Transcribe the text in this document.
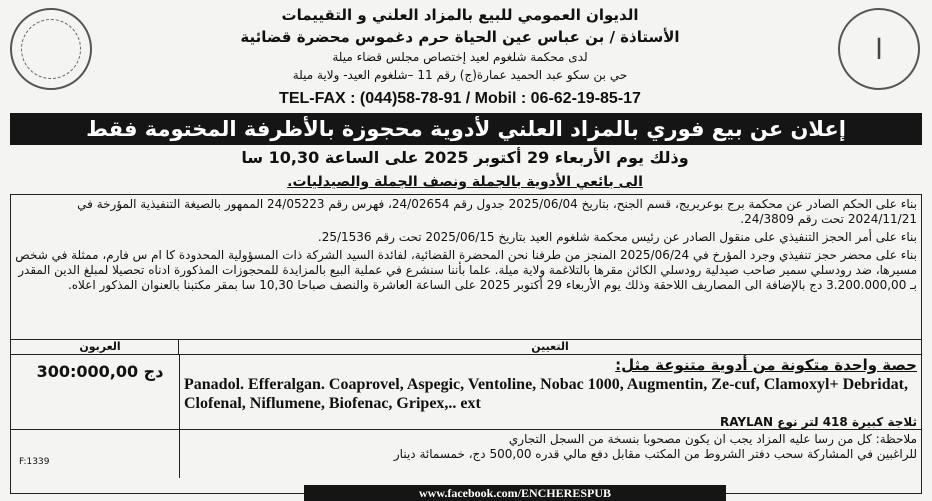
ا
الديوان العمومي للبيع بالمزاد العلني و التقييمات
الأستاذة / بن عباس عين الحياة حرم دغموس محضرة قضائية
لدى محكمة شلغوم لعيد إختصاص مجلس قضاء ميلة
حي بن سكو عبد الحميد عمارة(ج) رقم 11 –شلغوم العيد- ولاية ميلة
TEL-FAX : (044)58-78-91 / Mobil : 06-62-19-85-17
إعلان عن بيع فوري بالمزاد العلني لأدوية محجوزة بالأظرفة المختومة فقط
وذلك يوم الأربعاء 29 أكتوبر 2025 على الساعة 10,30 سا
الى بائعي الأدوية بالجملة ونصف الجملة والصيدليات.

بناء على الحكم الصادر عن محكمة برج بوعريريج، قسم الجنح، بتاريخ 2025/06/04 جدول رقم 24/02654، فهرس رقم 24/05223 الممهور بالصيغة التنفيذية المؤرخة في 2024/11/21 تحت رقم 24/3809.

بناء على أمر الحجز التنفيذي على منقول الصادر عن رئيس محكمة شلغوم العيد بتاريخ 2025/06/15 تحت رقم 25/1536.

بناء على محضر حجز تنفيذي وجرد المؤرخ في 2025/06/24 المنجز من طرفنا نحن المحضرة القضائية، لفائدة السيد الشركة ذات المسؤولية المحدودة كا ام س فارم، ممثلة في شخص مسيرها، ضد رودسلي سمير صاحب صيدلية رودسلي الكائن مقرها بالتلاغمة ولاية ميلة. علما بأننا سنشرع في عملية البيع بالمزايدة للمحجوزات المذكورة ادناه تحصيلا لمبلغ الدين المقدر بـ 3.200.000,00 دج بالإضافة الى المصاريف اللاحقة وذلك يوم الأربعاء 29 أكتوبر 2025 على الساعة العاشرة والنصف صباحا 10,30 سا بمقر مكتبنا بالعنوان المذكور اعلاه.

التعيين
العربون
300:000,00 دج	حصة واحدة متكونة من أدوية متنوعة مثل:
Panadol. Efferalgan. Coaprovel, Aspegic, Ventoline, Nobac 1000, Augmentin, Ze-cuf, Clamoxyl+ Debridat, Clofenal, Niflumene, Biofenac, Gripex,.. ext
ثلاجة كبيرة 418 لتر نوع RAYLAN
ملاحظة: كل من رسا عليه المزاد يجب ان يكون مصحوبا بنسخة من السجل التجاري
للراغبين في المشاركة سحب دفتر الشروط من المكتب مقابل دفع مالي قدره 500,00 دج، خمسمائة دينار
F:1339
www.facebook.com/ENCHERESPUB
